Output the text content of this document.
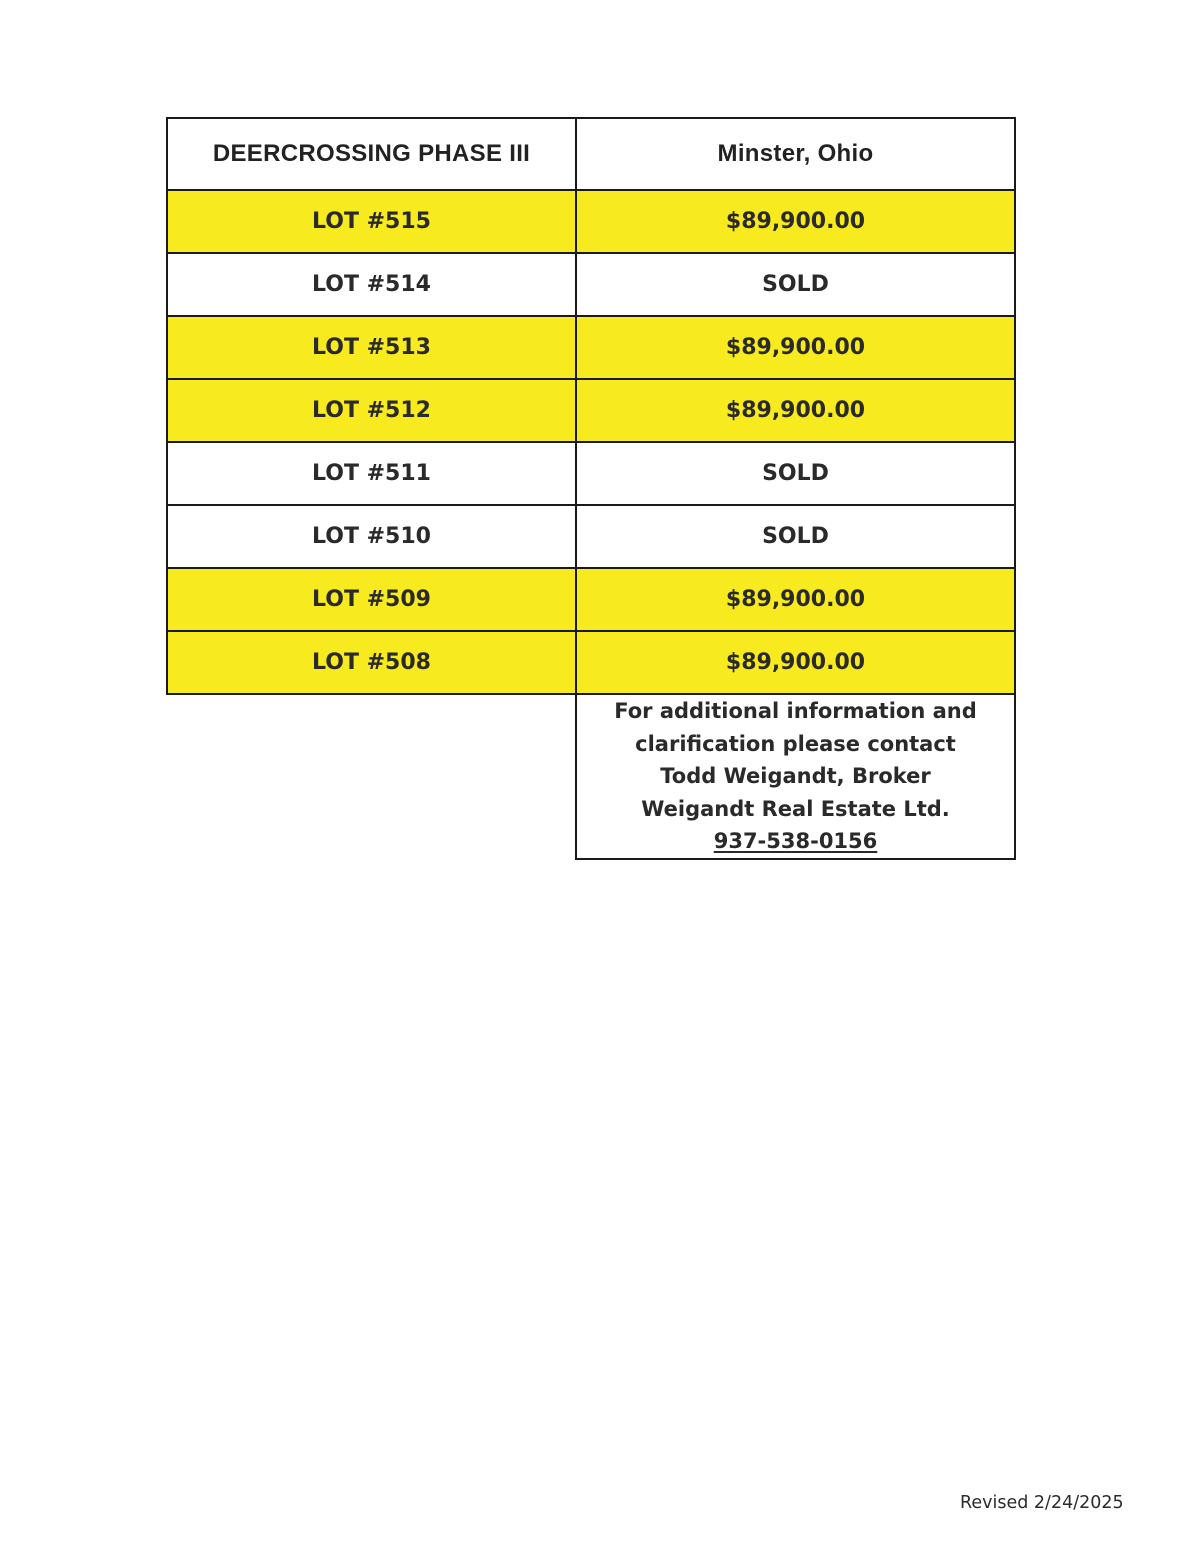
DEERCROSSING PHASE III	Minster, Ohio
LOT #515	$89,900.00
LOT #514	SOLD
LOT #513	$89,900.00
LOT #512	$89,900.00
LOT #511	SOLD
LOT #510	SOLD
LOT #509	$89,900.00
LOT #508	$89,900.00

	For additional information and
clarification please contact
Todd Weigandt, Broker
Weigandt Real Estate Ltd.
937-538-0156
Revised 2/24/2025
